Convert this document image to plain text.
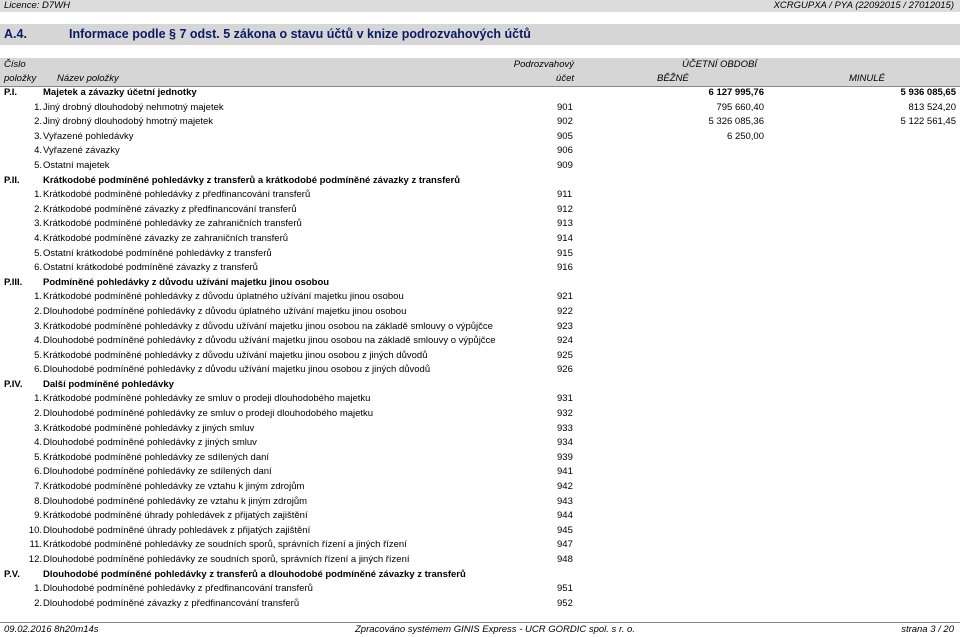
Licence: D7WH	XCRGUPXA / PYA (22092015 / 27012015)
A.4.	Informace podle § 7 odst. 5 zákona o stavu účtů v knize podrozvahových účtů
Číslo	Podrozvahový	ÚČETNÍ OBDOBÍ
položky Název položky	účet	BĚŽNÉ	MINULÉ
P.I.	Majetek a závazky účetní jednotky	6 127 995,76	5 936 085,65
1. Jiný drobný dlouhodobý nehmotný majetek	901	795 660,40	813 524,20
2. Jiný drobný dlouhodobý hmotný majetek	902	5 326 085,36	5 122 561,45
3. Vyřazené pohledávky	905	6 250,00
4. Vyřazené závazky	906
5. Ostatní majetek	909
P.II. Krátkodobé podmíněné pohledávky z transferů a krátkodobé podmíněné závazky z transferů
1. Krátkodobé podmíněné pohledávky z předfinancování transferů	911
2. Krátkodobé podmíněné závazky z předfinancování transferů	912
3. Krátkodobé podmíněné pohledávky ze zahraničních transferů	913
4. Krátkodobé podmíněné závazky ze zahraničních transferů	914
5. Ostatní krátkodobé podmíněné pohledávky z transferů	915
6. Ostatní krátkodobé podmíněné závazky z transferů	916
P.III. Podmíněné pohledávky z důvodu užívání majetku jinou osobou
1. Krátkodobé podmíněné pohledávky z důvodu úplatného užívání majetku jinou osobou	921
2. Dlouhodobé podmíněné pohledávky z důvodu úplatného užívání majetku jinou osobou	922
3. Krátkodobé podmíněné pohledávky z důvodu užívání majetku jinou osobou na základě smlouvy o výpůjčce	923
4. Dlouhodobé podmíněné pohledávky z důvodu užívání majetku jinou osobou na základě smlouvy o výpůjčce	924
5. Krátkodobé podmíněné pohledávky z důvodu užívání majetku jinou osobou z jiných důvodů	925
6. Dlouhodobé podmíněné pohledávky z důvodu užívání majetku jinou osobou z jiných důvodů	926
P.IV. Další podmíněné pohledávky
1. Krátkodobé podmíněné pohledávky ze smluv o prodeji dlouhodobého majetku	931
2. Dlouhodobé podmíněné pohledávky ze smluv o prodeji dlouhodobého majetku	932
3. Krátkodobé podmíněné pohledávky z jiných smluv	933
4. Dlouhodobé podmíněné pohledávky z jiných smluv	934
5. Krátkodobé podmíněné pohledávky ze sdílených daní	939
6. Dlouhodobé podmíněné pohledávky ze sdílených daní	941
7. Krátkodobé podmíněné pohledávky ze vztahu k jiným zdrojům	942
8. Dlouhodobé podmíněné pohledávky ze vztahu k jiným zdrojům	943
9. Krátkodobé podmíněné úhrady pohledávek z přijatých zajištění	944
10. Dlouhodobé podmíněné úhrady pohledávek z přijatých zajištění	945
11. Krátkodobé podmíněné pohledávky ze soudních sporů, správních řízení a jiných řízení	947
12. Dlouhodobé podmíněné pohledávky ze soudních sporů, správních řízení a jiných řízení	948
P.V. Dlouhodobé podmíněné pohledávky z transferů a dlouhodobé podmíněné závazky z transferů
1. Dlouhodobé podmíněné pohledávky z předfinancování transferů	951
2. Dlouhodobé podmíněné závazky z předfinancování transferů	952
09.02.2016 8h20m14s	Zpracováno systémem GINIS Express - UCR GORDIC spol. s r. o.	strana 3 / 20
